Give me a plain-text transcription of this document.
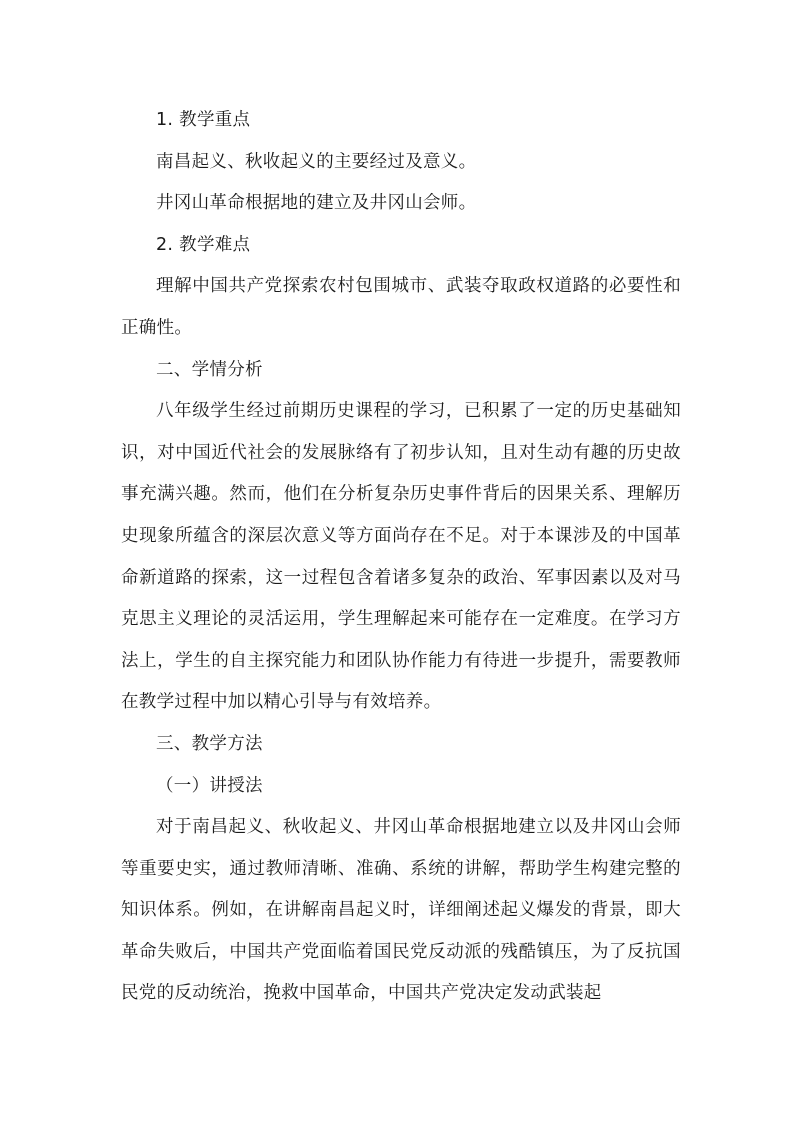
1. 教学重点

南昌起义、秋收起义的主要经过及意义。

井冈山革命根据地的建立及井冈山会师。

2. 教学难点

理解中国共产党探索农村包围城市、武装夺取政权道路的必要性和正确性。

二、学情分析

八年级学生经过前期历史课程的学习，已积累了一定的历史基础知识，对中国近代社会的发展脉络有了初步认知，且对生动有趣的历史故事充满兴趣。然而，他们在分析复杂历史事件背后的因果关系、理解历史现象所蕴含的深层次意义等方面尚存在不足。对于本课涉及的中国革命新道路的探索，这一过程包含着诸多复杂的政治、军事因素以及对马克思主义理论的灵活运用，学生理解起来可能存在一定难度。在学习方法上，学生的自主探究能力和团队协作能力有待进一步提升，需要教师在教学过程中加以精心引导与有效培养。

三、教学方法

（一）讲授法

对于南昌起义、秋收起义、井冈山革命根据地建立以及井冈山会师等重要史实，通过教师清晰、准确、系统的讲解，帮助学生构建完整的知识体系。例如，在讲解南昌起义时，详细阐述起义爆发的背景，即大革命失败后，中国共产党面临着国民党反动派的残酷镇压，为了反抗国民党的反动统治，挽救中国革命，中国共产党决定发动武装起
